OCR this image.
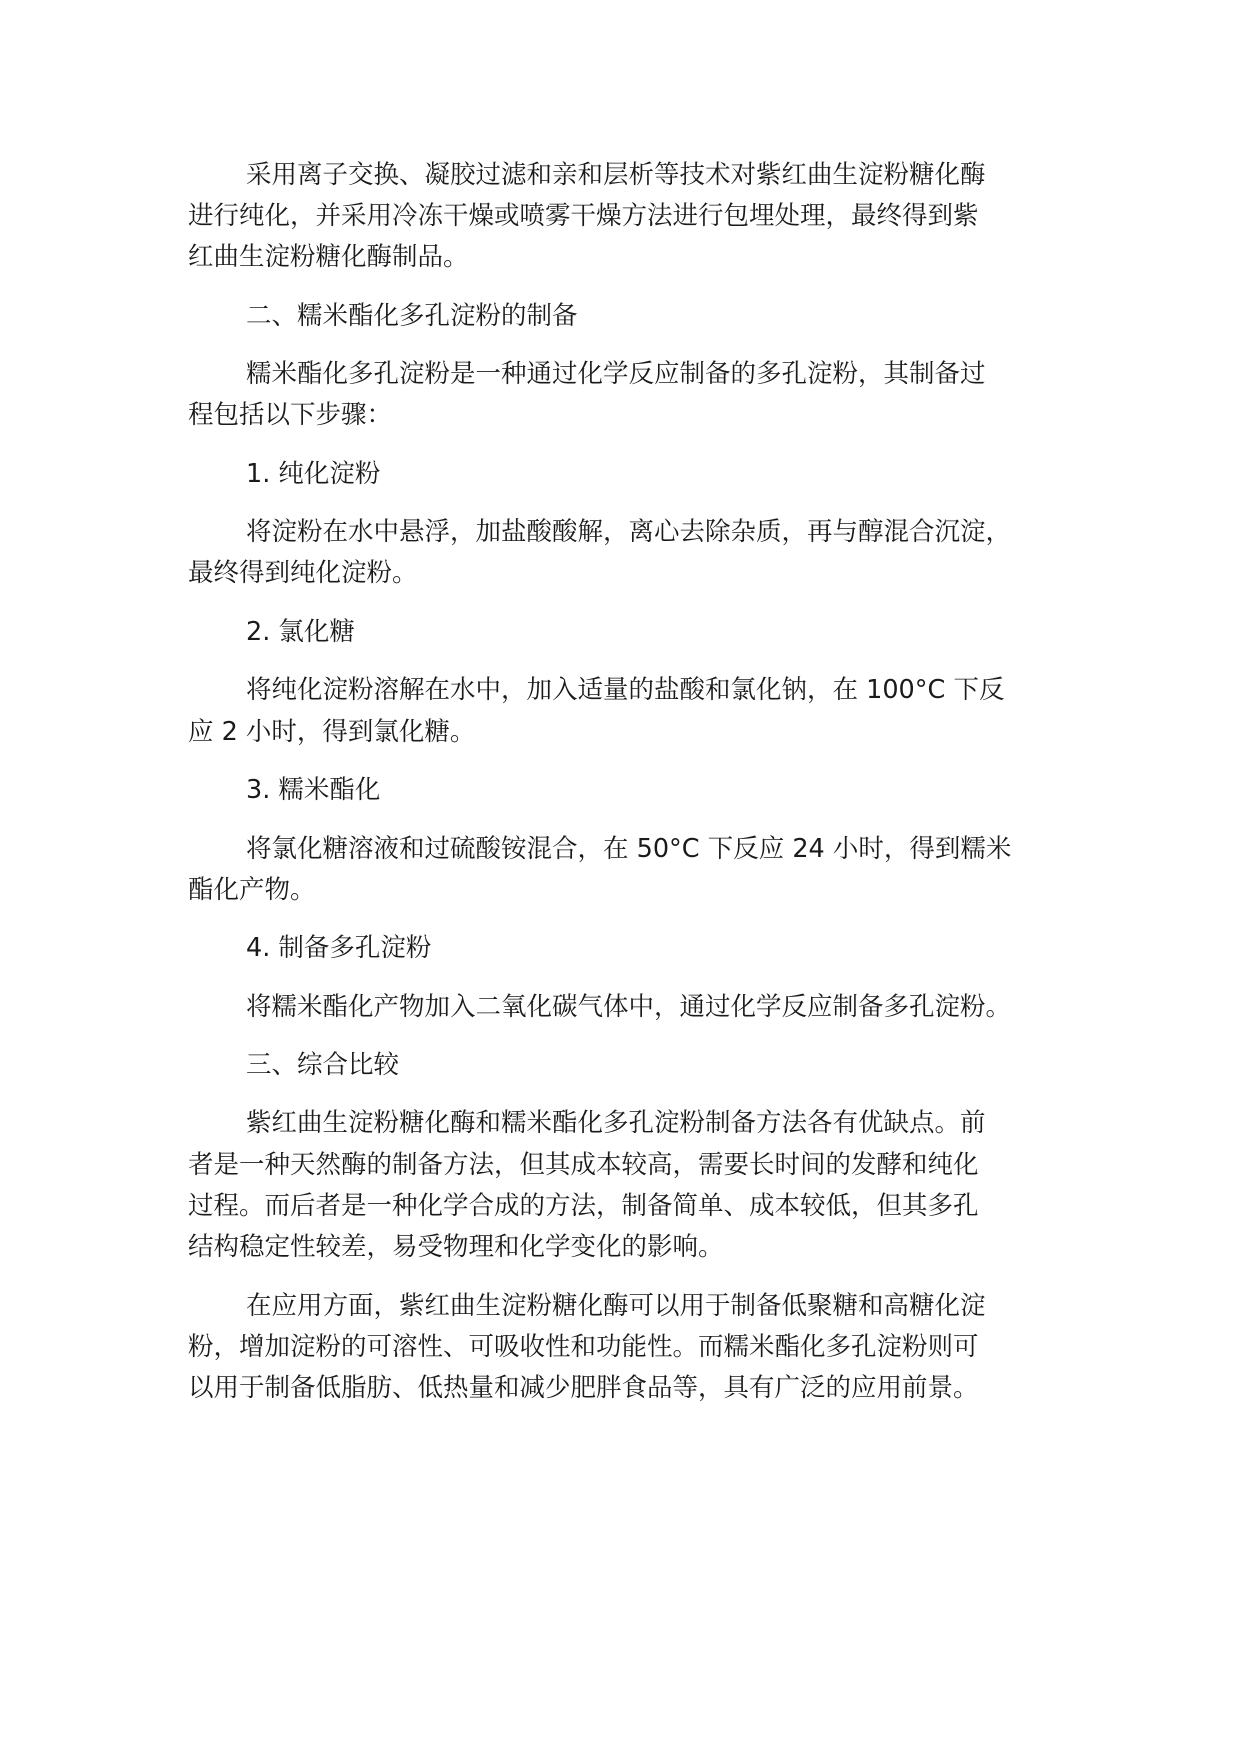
采用离子交换、凝胶过滤和亲和层析等技术对紫红曲生淀粉糖化酶
进行纯化，并采用冷冻干燥或喷雾干燥方法进行包埋处理，最终得到紫
红曲生淀粉糖化酶制品。
二、糯米酯化多孔淀粉的制备
糯米酯化多孔淀粉是一种通过化学反应制备的多孔淀粉，其制备过
程包括以下步骤：
1. 纯化淀粉
将淀粉在水中悬浮，加盐酸酸解，离心去除杂质，再与醇混合沉淀，
最终得到纯化淀粉。
2. 氯化糖
将纯化淀粉溶解在水中，加入适量的盐酸和氯化钠，在 100°C 下反
应 2 小时，得到氯化糖。
3. 糯米酯化
将氯化糖溶液和过硫酸铵混合，在 50°C 下反应 24 小时，得到糯米
酯化产物。
4. 制备多孔淀粉
将糯米酯化产物加入二氧化碳气体中，通过化学反应制备多孔淀粉。
三、综合比较
紫红曲生淀粉糖化酶和糯米酯化多孔淀粉制备方法各有优缺点。前
者是一种天然酶的制备方法，但其成本较高，需要长时间的发酵和纯化
过程。而后者是一种化学合成的方法，制备简单、成本较低，但其多孔
结构稳定性较差，易受物理和化学变化的影响。
在应用方面，紫红曲生淀粉糖化酶可以用于制备低聚糖和高糖化淀
粉，增加淀粉的可溶性、可吸收性和功能性。而糯米酯化多孔淀粉则可
以用于制备低脂肪、低热量和减少肥胖食品等，具有广泛的应用前景。
